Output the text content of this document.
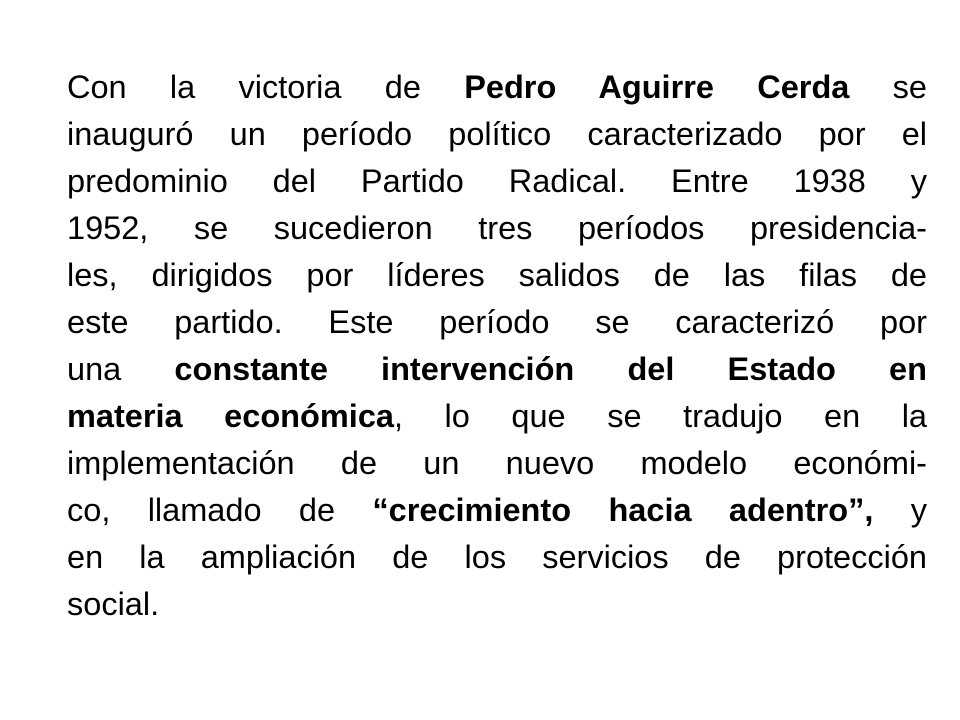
Con la victoria de Pedro Aguirre Cerda se
inauguró un período político caracterizado por el
predominio del Partido Radical. Entre 1938 y
1952, se sucedieron tres períodos presidencia-
les, dirigidos por líderes salidos de las filas de
este partido. Este período se caracterizó por
una constante intervención del Estado en
materia económica, lo que se tradujo en la
implementación de un nuevo modelo económi-
co, llamado de “crecimiento hacia adentro”, y
en la ampliación de los servicios de protección
social.
